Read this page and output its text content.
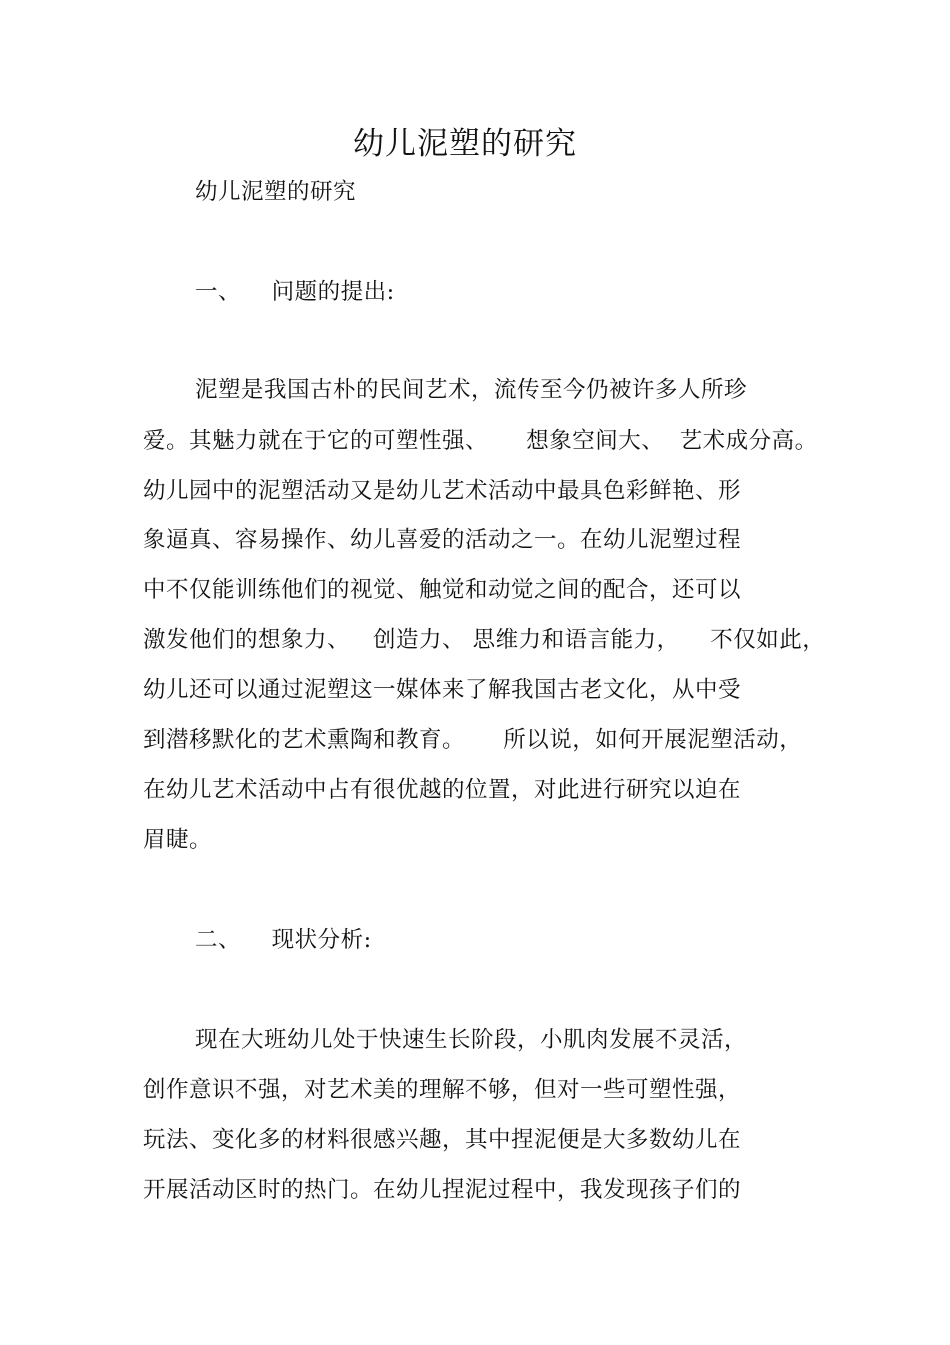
幼儿泥塑的研究
幼儿泥塑的研究
一、    问题的提出:
泥塑是我国古朴的民间艺术，流传至今仍被许多人所珍
爱。其魅力就在于它的可塑性强、     想象空间大、  艺术成分高。
幼儿园中的泥塑活动又是幼儿艺术活动中最具色彩鲜艳、形
象逼真、容易操作、幼儿喜爱的活动之一。在幼儿泥塑过程
中不仅能训练他们的视觉、触觉和动觉之间的配合，还可以
激发他们的想象力、   创造力、 思维力和语言能力，    不仅如此，
幼儿还可以通过泥塑这一媒体来了解我国古老文化，从中受
到潜移默化的艺术熏陶和教育。     所以说，如何开展泥塑活动，
在幼儿艺术活动中占有很优越的位置，对此进行研究以迫在
眉睫。
二、    现状分析:
现在大班幼儿处于快速生长阶段，小肌肉发展不灵活，
创作意识不强，对艺术美的理解不够，但对一些可塑性强，
玩法、变化多的材料很感兴趣，其中捏泥便是大多数幼儿在
开展活动区时的热门。在幼儿捏泥过程中，我发现孩子们的
